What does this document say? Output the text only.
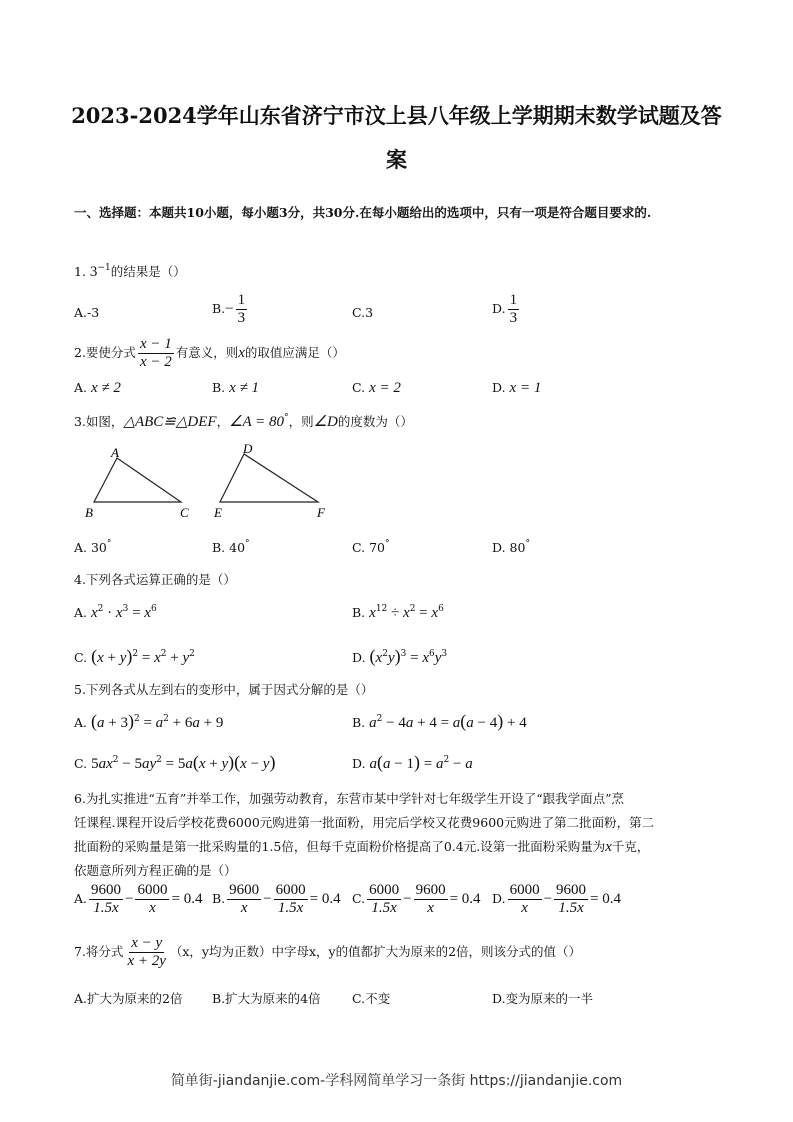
2023-2024学年山东省济宁市汶上县八年级上学期期末数学试题及答
案
一、选择题：本题共10小题，每小题3分，共30分.在每小题给出的选项中，只有一项是符合题目要求的.
1. $3^{-1}$的结果是（）
A.-3	$B.- \frac{1}{3}$	C.3	D. $\frac{1}{3}$
2.要使分式 $\frac{x - 1}{x - 2}$ 有意义，则x的取值应满足（）
A. x ≠ 2	B. x ≠ 1	C. x = 2	D. x = 1
3.如图，△ABC≌△DEF，∠A = 80°，则∠D的度数为（）
A
B	C
D
E	F
A. 30°	B. 40°	C. 70°	D. 80°
4.下列各式运算正确的是（）
A. $x^2 \cdot x^3 = x^6$	B. $x^{12} \div x^2 = x^6$
C. $(x + y)^2 = x^2 + y^2$	D. $(x^2y)^3 = x^6y^3$
5.下列各式从左到右的变形中，属于因式分解的是（）
A. $(a + 3)^2 = a^2 + 6a + 9$	B. $a^2 - 4a + 4 = a(a - 4) + 4$
C. $5ax^2 - 5ay^2 = 5a(x + y)(x - y)$	D. $a(a - 1) = a^2 - a$
6.为扎实推进“五育”并举工作，加强劳动教育，东营市某中学针对七年级学生开设了“跟我学面点”烹
饪课程.课程开设后学校花费6000元购进第一批面粉，用完后学校又花费9600元购进了第二批面粉，第二
批面粉的采购量是第一批采购量的1.5倍，但每千克面粉价格提高了0.4元.设第一批面粉采购量为x千克，
依题意所列方程正确的是（）
A. $\frac{9600}{1.5x} - \frac{6000}{x} = 0.4$ B. $\frac{9600}{x} - \frac{6000}{1.5x} = 0.4$ C. $\frac{6000}{1.5x} - \frac{9600}{x} = 0.4$ D. $\frac{6000}{x} - \frac{9600}{1.5x} = 0.4$
7.将分式 $\frac{x - y}{x + 2y} (x$，y均为正数）中字母x，y的值都扩大为原来的2倍，则该分式的值（）
A.扩大为原来的2倍 B.扩大为原来的4倍	C.不变	D.变为原来的一半
简单街-jiandanjie.com-学科网简单学习一条街 https://jiandanjie.com
